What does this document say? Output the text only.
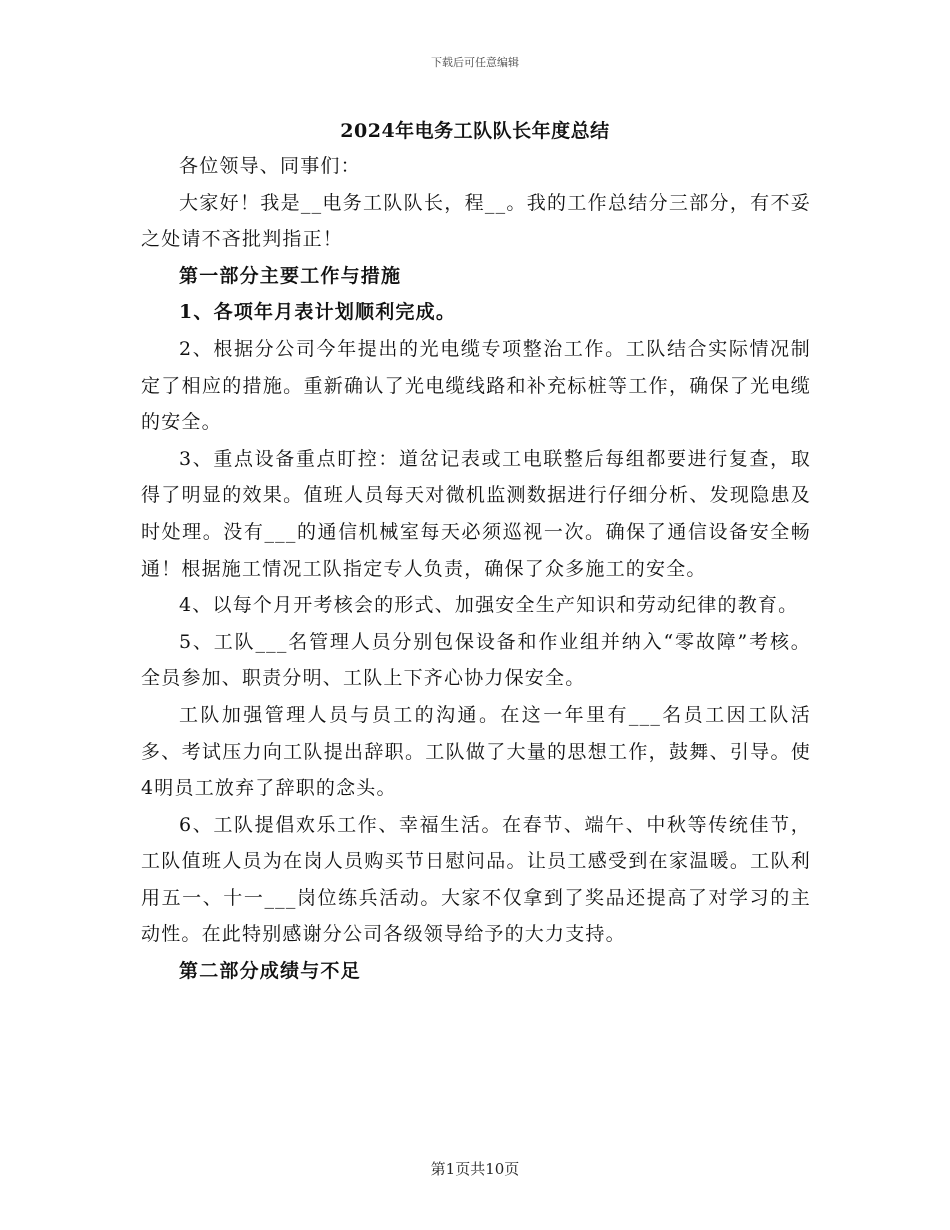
下载后可任意编辑
2024年电务工队队长年度总结

各位领导、同事们：

大家好！我是__电务工队队长，程__。我的工作总结分三部分，有不妥之处请不吝批判指正！

第一部分主要工作与措施

1、各项年月表计划顺利完成。

2、根据分公司今年提出的光电缆专项整治工作。工队结合实际情况制定了相应的措施。重新确认了光电缆线路和补充标桩等工作，确保了光电缆的安全。

3、重点设备重点盯控：道岔记表或工电联整后每组都要进行复查，取得了明显的效果。值班人员每天对微机监测数据进行仔细分析、发现隐患及时处理。没有___的通信机械室每天必须巡视一次。确保了通信设备安全畅通！根据施工情况工队指定专人负责，确保了众多施工的安全。

4、以每个月开考核会的形式、加强安全生产知识和劳动纪律的教育。

5、工队___名管理人员分别包保设备和作业组并纳入“零故障”考核。全员参加、职责分明、工队上下齐心协力保安全。

工队加强管理人员与员工的沟通。在这一年里有___名员工因工队活多、考试压力向工队提出辞职。工队做了大量的思想工作，鼓舞、引导。使4明员工放弃了辞职的念头。

6、工队提倡欢乐工作、幸福生活。在春节、端午、中秋等传统佳节，工队值班人员为在岗人员购买节日慰问品。让员工感受到在家温暖。工队利用五一、十一___岗位练兵活动。大家不仅拿到了奖品还提高了对学习的主动性。在此特别感谢分公司各级领导给予的大力支持。

第二部分成绩与不足

第1页共10页
